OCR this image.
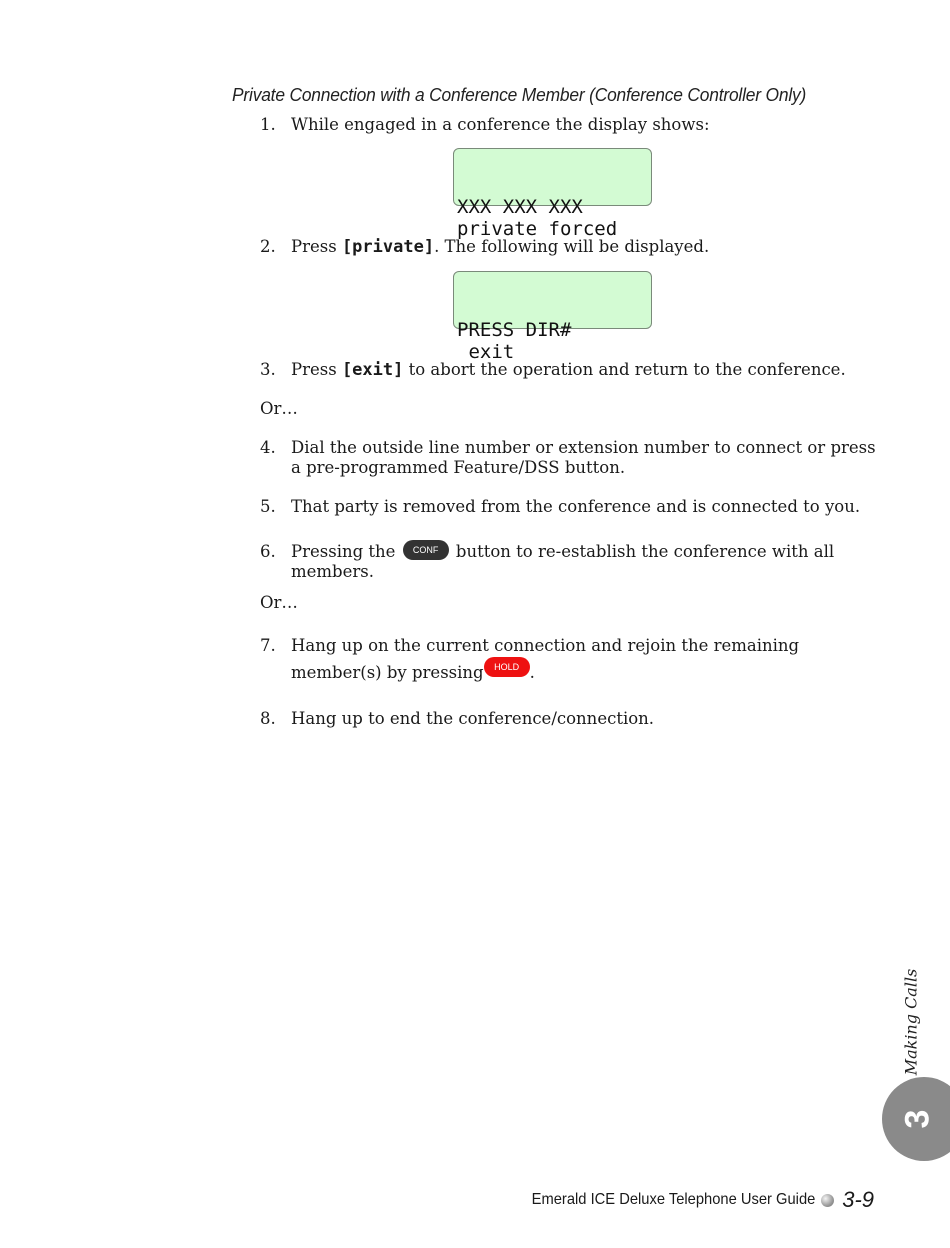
Private Connection with a Conference Member (Conference Controller Only)
1. While engaged in a conference the display shows:

XXX XXX XXX
private forced

2. Press [private]. The following will be displayed.

PRESS DIR#
exit

3. Press [exit] to abort the operation and return to the conference.
Or…
4. Dial the outside line number or extension number to connect or press a pre-programmed Feature/DSS button.
5. That party is removed from the conference and is connected to you.
6. Pressing the CONF button to re-establish the conference with all members.
Or…
7. Hang up on the current connection and rejoin the remaining member(s) by pressing HOLD .
8. Hang up to end the conference/connection.
Making Calls
3
Emerald ICE Deluxe Telephone User Guide 3-9
